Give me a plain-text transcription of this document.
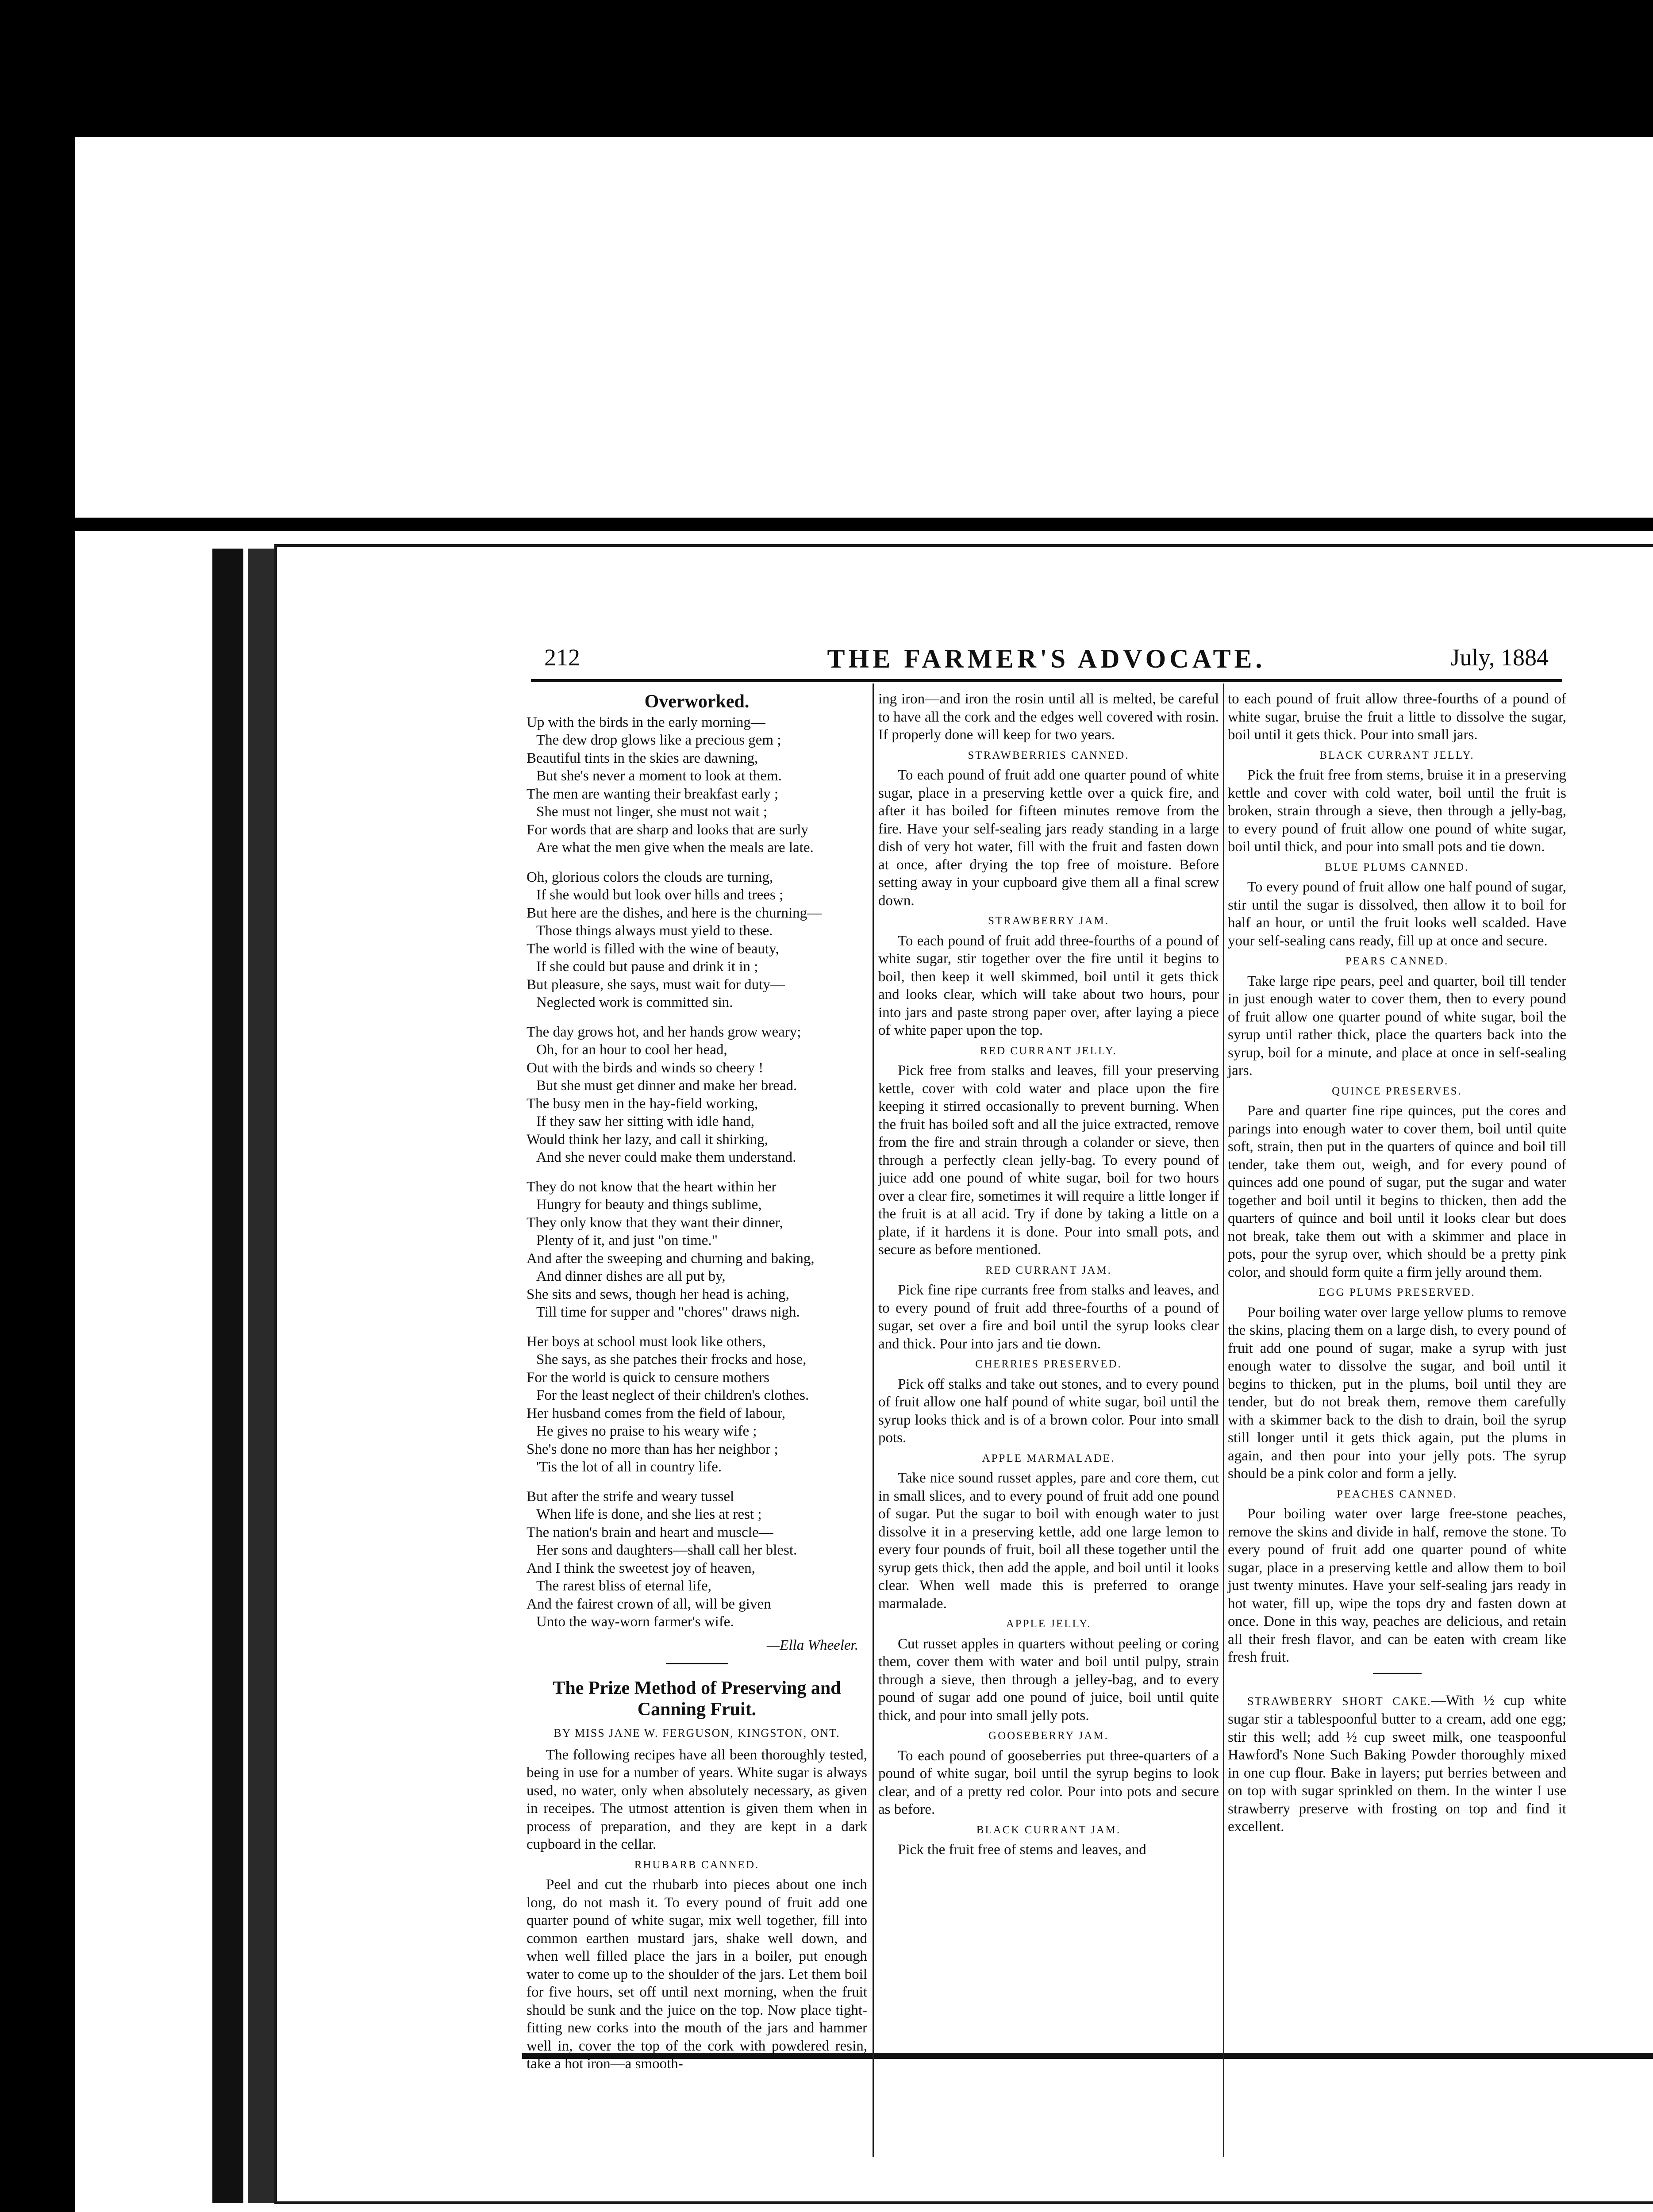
212	THE FARMER'S ADVOCATE.	July, 1884
Overworked.
Up with the birds in the early morning—
The dew drop glows like a precious gem ;
Beautiful tints in the skies are dawning,
But she's never a moment to look at them.
The men are wanting their breakfast early ;
She must not linger, she must not wait ;
For words that are sharp and looks that are surly
Are what the men give when the meals are late.
Oh, glorious colors the clouds are turning,
If she would but look over hills and trees ;
But here are the dishes, and here is the churning—
Those things always must yield to these.
The world is filled with the wine of beauty,
If she could but pause and drink it in ;
But pleasure, she says, must wait for duty—
Neglected work is committed sin.
The day grows hot, and her hands grow weary;
Oh, for an hour to cool her head,
Out with the birds and winds so cheery !
But she must get dinner and make her bread.
The busy men in the hay-field working,
If they saw her sitting with idle hand,
Would think her lazy, and call it shirking,
And she never could make them understand.
They do not know that the heart within her
Hungry for beauty and things sublime,
They only know that they want their dinner,
Plenty of it, and just "on time."
And after the sweeping and churning and baking,
And dinner dishes are all put by,
She sits and sews, though her head is aching,
Till time for supper and "chores" draws nigh.
Her boys at school must look like others,
She says, as she patches their frocks and hose,
For the world is quick to censure mothers
For the least neglect of their children's clothes.
Her husband comes from the field of labour,
He gives no praise to his weary wife ;
She's done no more than has her neighbor ;
'Tis the lot of all in country life.
But after the strife and weary tussel
When life is done, and she lies at rest ;
The nation's brain and heart and muscle—
Her sons and daughters—shall call her blest.
And I think the sweetest joy of heaven,
The rarest bliss of eternal life,
And the fairest crown of all, will be given
Unto the way-worn farmer's wife.
—Ella Wheeler.
The Prize Method of Preserving and Canning Fruit.
BY MISS JANE W. FERGUSON, KINGSTON, ONT.

The following recipes have all been thoroughly tested, being in use for a number of years. White sugar is always used, no water, only when absolutely necessary, as given in receipes. The utmost attention is given them when in process of preparation, and they are kept in a dark cupboard in the cellar.

RHUBARB CANNED.

Peel and cut the rhubarb into pieces about one inch long, do not mash it. To every pound of fruit add one quarter pound of white sugar, mix well together, fill into common earthen mustard jars, shake well down, and when well filled place the jars in a boiler, put enough water to come up to the shoulder of the jars. Let them boil for five hours, set off until next morning, when the fruit should be sunk and the juice on the top. Now place tight-fitting new corks into the mouth of the jars and hammer well in, cover the top of the cork with powdered resin, take a hot iron—a smooth-

ing iron—and iron the rosin until all is melted, be careful to have all the cork and the edges well covered with rosin. If properly done will keep for two years.

STRAWBERRIES CANNED.

To each pound of fruit add one quarter pound of white sugar, place in a preserving kettle over a quick fire, and after it has boiled for fifteen minutes remove from the fire. Have your self-sealing jars ready standing in a large dish of very hot water, fill with the fruit and fasten down at once, after drying the top free of moisture. Before setting away in your cupboard give them all a final screw down.

STRAWBERRY JAM.

To each pound of fruit add three-fourths of a pound of white sugar, stir together over the fire until it begins to boil, then keep it well skimmed, boil until it gets thick and looks clear, which will take about two hours, pour into jars and paste strong paper over, after laying a piece of white paper upon the top.

RED CURRANT JELLY.

Pick free from stalks and leaves, fill your preserving kettle, cover with cold water and place upon the fire keeping it stirred occasionally to prevent burning. When the fruit has boiled soft and all the juice extracted, remove from the fire and strain through a colander or sieve, then through a perfectly clean jelly-bag. To every pound of juice add one pound of white sugar, boil for two hours over a clear fire, sometimes it will require a little longer if the fruit is at all acid. Try if done by taking a little on a plate, if it hardens it is done. Pour into small pots, and secure as before mentioned.

RED CURRANT JAM.

Pick fine ripe currants free from stalks and leaves, and to every pound of fruit add three-fourths of a pound of sugar, set over a fire and boil until the syrup looks clear and thick. Pour into jars and tie down.

CHERRIES PRESERVED.

Pick off stalks and take out stones, and to every pound of fruit allow one half pound of white sugar, boil until the syrup looks thick and is of a brown color. Pour into small pots.

APPLE MARMALADE.

Take nice sound russet apples, pare and core them, cut in small slices, and to every pound of fruit add one pound of sugar. Put the sugar to boil with enough water to just dissolve it in a preserving kettle, add one large lemon to every four pounds of fruit, boil all these together until the syrup gets thick, then add the apple, and boil until it looks clear. When well made this is preferred to orange marmalade.

APPLE JELLY.

Cut russet apples in quarters without peeling or coring them, cover them with water and boil until pulpy, strain through a sieve, then through a jelley-bag, and to every pound of sugar add one pound of juice, boil until quite thick, and pour into small jelly pots.

GOOSEBERRY JAM.

To each pound of gooseberries put three-quarters of a pound of white sugar, boil until the syrup begins to look clear, and of a pretty red color. Pour into pots and secure as before.

BLACK CURRANT JAM.

Pick the fruit free of stems and leaves, and

to each pound of fruit allow three-fourths of a pound of white sugar, bruise the fruit a little to dissolve the sugar, boil until it gets thick. Pour into small jars.

BLACK CURRANT JELLY.

Pick the fruit free from stems, bruise it in a preserving kettle and cover with cold water, boil until the fruit is broken, strain through a sieve, then through a jelly-bag, to every pound of fruit allow one pound of white sugar, boil until thick, and pour into small pots and tie down.

BLUE PLUMS CANNED.

To every pound of fruit allow one half pound of sugar, stir until the sugar is dissolved, then allow it to boil for half an hour, or until the fruit looks well scalded. Have your self-sealing cans ready, fill up at once and secure.

PEARS CANNED.

Take large ripe pears, peel and quarter, boil till tender in just enough water to cover them, then to every pound of fruit allow one quarter pound of white sugar, boil the syrup until rather thick, place the quarters back into the syrup, boil for a minute, and place at once in self-sealing jars.

QUINCE PRESERVES.

Pare and quarter fine ripe quinces, put the cores and parings into enough water to cover them, boil until quite soft, strain, then put in the quarters of quince and boil till tender, take them out, weigh, and for every pound of quinces add one pound of sugar, put the sugar and water together and boil until it begins to thicken, then add the quarters of quince and boil until it looks clear but does not break, take them out with a skimmer and place in pots, pour the syrup over, which should be a pretty pink color, and should form quite a firm jelly around them.

EGG PLUMS PRESERVED.

Pour boiling water over large yellow plums to remove the skins, placing them on a large dish, to every pound of fruit add one pound of sugar, make a syrup with just enough water to dissolve the sugar, and boil until it begins to thicken, put in the plums, boil until they are tender, but do not break them, remove them carefully with a skimmer back to the dish to drain, boil the syrup still longer until it gets thick again, put the plums in again, and then pour into your jelly pots. The syrup should be a pink color and form a jelly.

PEACHES CANNED.

Pour boiling water over large free-stone peaches, remove the skins and divide in half, remove the stone. To every pound of fruit add one quarter pound of white sugar, place in a preserving kettle and allow them to boil just twenty minutes. Have your self-sealing jars ready in hot water, fill up, wipe the tops dry and fasten down at once. Done in this way, peaches are delicious, and retain all their fresh flavor, and can be eaten with cream like fresh fruit.

STRAWBERRY SHORT CAKE.—With ½ cup white sugar stir a tablespoonful butter to a cream, add one egg; stir this well; add ½ cup sweet milk, one teaspoonful Hawford's None Such Baking Powder thoroughly mixed in one cup flour. Bake in layers; put berries between and on top with sugar sprinkled on them. In the winter I use strawberry preserve with frosting on top and find it excellent.
